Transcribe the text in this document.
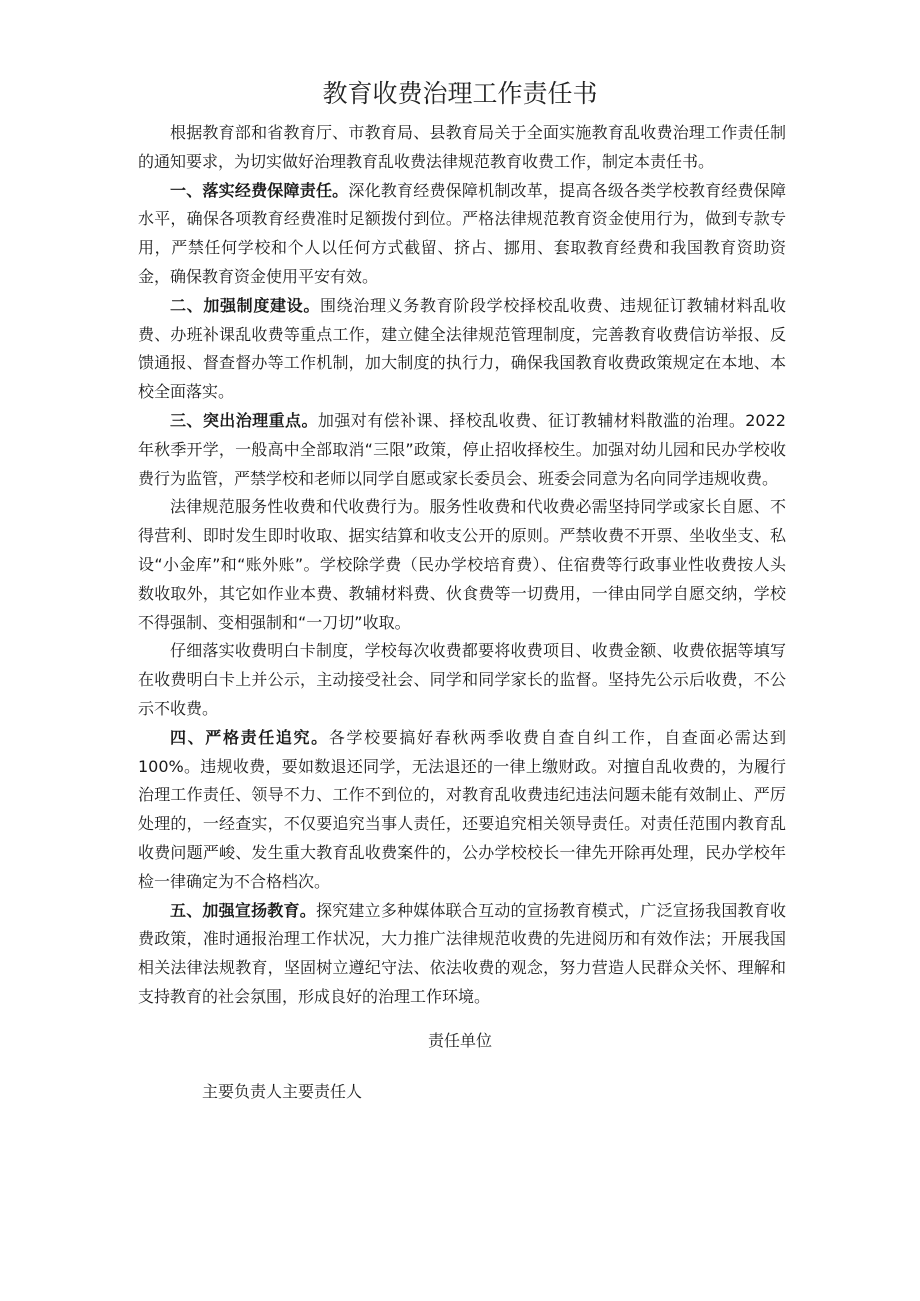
教育收费治理工作责任书

根据教育部和省教育厅、市教育局、县教育局关于全面实施教育乱收费治理工作责任制的通知要求，为切实做好治理教育乱收费法律规范教育收费工作，制定本责任书。

一、落实经费保障责任。深化教育经费保障机制改革，提高各级各类学校教育经费保障水平，确保各项教育经费准时足额拨付到位。严格法律规范教育资金使用行为，做到专款专用，严禁任何学校和个人以任何方式截留、挤占、挪用、套取教育经费和我国教育资助资金，确保教育资金使用平安有效。

二、加强制度建设。围绕治理义务教育阶段学校择校乱收费、违规征订教辅材料乱收费、办班补课乱收费等重点工作，建立健全法律规范管理制度，完善教育收费信访举报、反馈通报、督查督办等工作机制，加大制度的执行力，确保我国教育收费政策规定在本地、本校全面落实。

三、突出治理重点。加强对有偿补课、择校乱收费、征订教辅材料散滥的治理。2022年秋季开学，一般高中全部取消“三限”政策，停止招收择校生。加强对幼儿园和民办学校收费行为监管，严禁学校和老师以同学自愿或家长委员会、班委会同意为名向同学违规收费。

法律规范服务性收费和代收费行为。服务性收费和代收费必需坚持同学或家长自愿、不得营利、即时发生即时收取、据实结算和收支公开的原则。严禁收费不开票、坐收坐支、私设“小金库”和“账外账”。学校除学费（民办学校培育费）、住宿费等行政事业性收费按人头数收取外，其它如作业本费、教辅材料费、伙食费等一切费用，一律由同学自愿交纳，学校不得强制、变相强制和“一刀切”收取。

仔细落实收费明白卡制度，学校每次收费都要将收费项目、收费金额、收费依据等填写在收费明白卡上并公示，主动接受社会、同学和同学家长的监督。坚持先公示后收费，不公示不收费。

四、严格责任追究。各学校要搞好春秋两季收费自查自纠工作，自查面必需达到100%。违规收费，要如数退还同学，无法退还的一律上缴财政。对擅自乱收费的，为履行治理工作责任、领导不力、工作不到位的，对教育乱收费违纪违法问题未能有效制止、严厉处理的，一经查实，不仅要追究当事人责任，还要追究相关领导责任。对责任范围内教育乱收费问题严峻、发生重大教育乱收费案件的，公办学校校长一律先开除再处理，民办学校年检一律确定为不合格档次。

五、加强宣扬教育。探究建立多种媒体联合互动的宣扬教育模式，广泛宣扬我国教育收费政策，准时通报治理工作状况，大力推广法律规范收费的先进阅历和有效作法；开展我国相关法律法规教育，坚固树立遵纪守法、依法收费的观念，努力营造人民群众关怀、理解和支持教育的社会氛围，形成良好的治理工作环境。

责任单位
主要负责人主要责任人
